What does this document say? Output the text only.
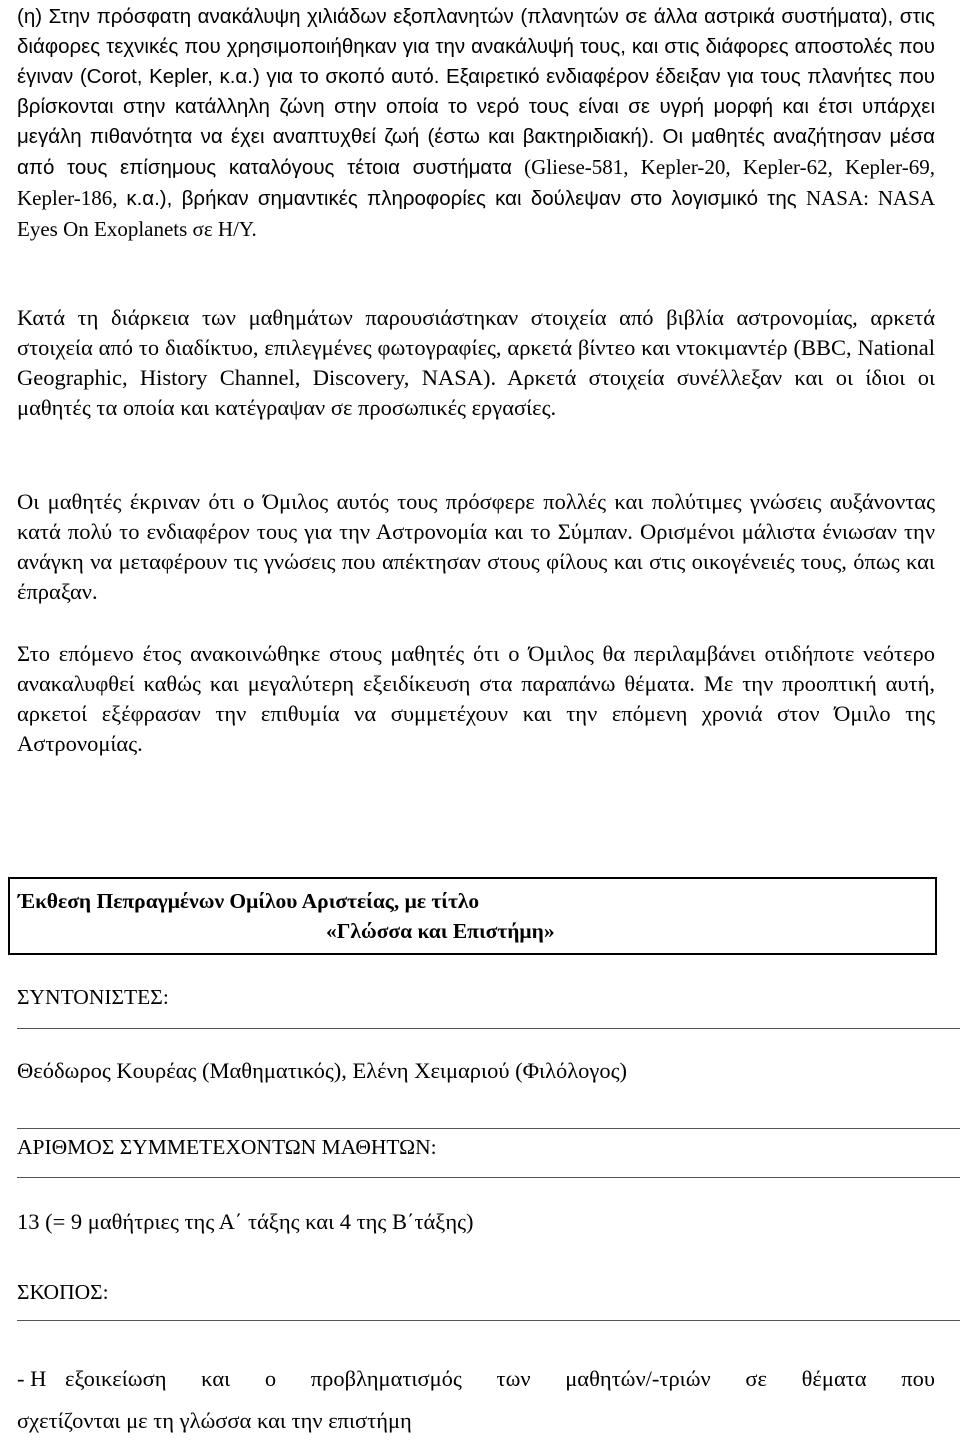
(η) Στην πρόσφατη ανακάλυψη χιλιάδων εξοπλανητών (πλανητών σε άλλα αστρικά συστήματα), στις διάφορες τεχνικές που χρησιμοποιήθηκαν για την ανακάλυψή τους, και στις διάφορες αποστολές που έγιναν (Corot, Kepler, κ.α.) για το σκοπό αυτό. Εξαιρετικό ενδιαφέρον έδειξαν για τους πλανήτες που βρίσκονται στην κατάλληλη ζώνη στην οποία το νερό τους είναι σε υγρή μορφή και έτσι υπάρχει μεγάλη πιθανότητα να έχει αναπτυχθεί ζωή (έστω και βακτηριδιακή). Οι μαθητές αναζήτησαν μέσα από τους επίσημους καταλόγους τέτοια συστήματα (Gliese-581, Kepler-20, Kepler-62, Kepler-69, Kepler-186, κ.α.), βρήκαν σημαντικές πληροφορίες και δούλεψαν στο λογισμικό της NASA: NASA Eyes On Exoplanets σε Η/Υ.

Κατά τη διάρκεια των μαθημάτων παρουσιάστηκαν στοιχεία από βιβλία αστρονομίας, αρκετά στοιχεία από το διαδίκτυο, επιλεγμένες φωτογραφίες, αρκετά βίντεο και ντοκιμαντέρ (BBC, National Geographic, History Channel, Discovery, NASA). Αρκετά στοιχεία συνέλλεξαν και οι ίδιοι οι μαθητές τα οποία και κατέγραψαν σε προσωπικές εργασίες.

Οι μαθητές έκριναν ότι ο Όμιλος αυτός τους πρόσφερε πολλές και πολύτιμες γνώσεις αυξάνοντας κατά πολύ το ενδιαφέρον τους για την Αστρονομία και το Σύμπαν. Ορισμένοι μάλιστα ένιωσαν την ανάγκη να μεταφέρουν τις γνώσεις που απέκτησαν στους φίλους και στις οικογένειές τους, όπως και έπραξαν.

Στο επόμενο έτος ανακοινώθηκε στους μαθητές ότι ο Όμιλος θα περιλαμβάνει οτιδήποτε νεότερο ανακαλυφθεί καθώς και μεγαλύτερη εξειδίκευση στα παραπάνω θέματα. Με την προοπτική αυτή, αρκετοί εξέφρασαν την επιθυμία να συμμετέχουν και την επόμενη χρονιά στον Όμιλο της Αστρονομίας.

Έκθεση Πεπραγμένων Ομίλου Αριστείας, με τίτλο
«Γλώσσα και Επιστήμη»

ΣΥΝΤΟΝΙΣΤΕΣ:

Θεόδωρος Κουρέας (Μαθηματικός), Ελένη Χειμαριού (Φιλόλογος)

ΑΡΙΘΜΟΣ ΣΥΜΜΕΤΕΧΟΝΤΩΝ ΜΑΘΗΤΩΝ:

13 (= 9 μαθήτριες της Α΄ τάξης και 4 της Β΄τάξης)

ΣΚΟΠΟΣ:

- Η εξοικείωση και ο προβληματισμός των μαθητών/-τριών σε θέματα που
σχετίζονται με τη γλώσσα και την επιστήμη
